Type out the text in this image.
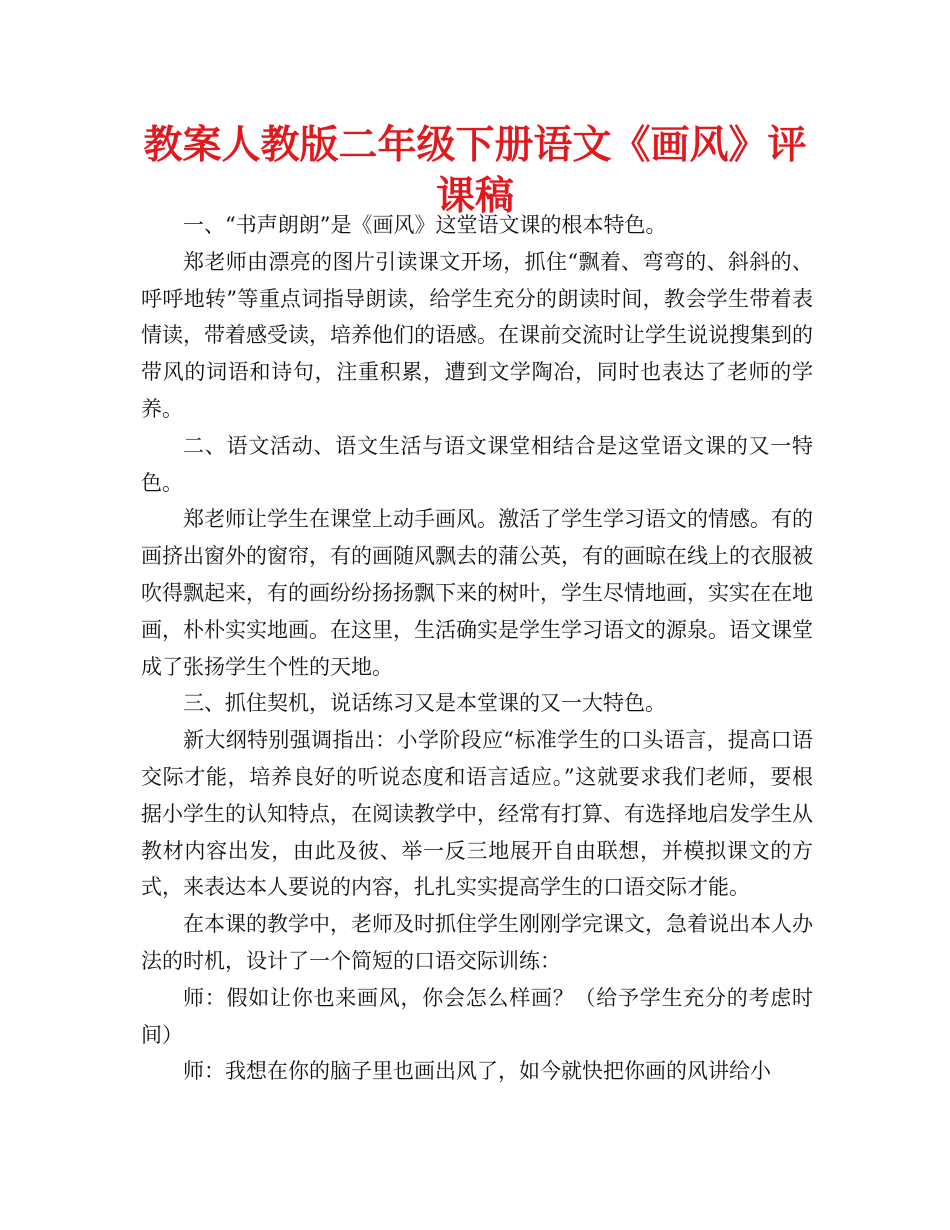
教案人教版二年级下册语文《画风》评课稿

一、“书声朗朗”是《画风》这堂语文课的根本特色。

郑老师由漂亮的图片引读课文开场，抓住“飘着、弯弯的、斜斜的、呼呼地转”等重点词指导朗读，给学生充分的朗读时间，教会学生带着表情读，带着感受读，培养他们的语感。在课前交流时让学生说说搜集到的带风的词语和诗句，注重积累，遭到文学陶冶，同时也表达了老师的学养。

二、语文活动、语文生活与语文课堂相结合是这堂语文课的又一特色。

郑老师让学生在课堂上动手画风。激活了学生学习语文的情感。有的画挤出窗外的窗帘，有的画随风飘去的蒲公英，有的画晾在线上的衣服被吹得飘起来，有的画纷纷扬扬飘下来的树叶，学生尽情地画，实实在在地画，朴朴实实地画。在这里，生活确实是学生学习语文的源泉。语文课堂成了张扬学生个性的天地。

三、抓住契机，说话练习又是本堂课的又一大特色。

新大纲特别强调指出：小学阶段应“标准学生的口头语言，提高口语交际才能，培养良好的听说态度和语言适应。”这就要求我们老师，要根据小学生的认知特点，在阅读教学中，经常有打算、有选择地启发学生从教材内容出发，由此及彼、举一反三地展开自由联想，并模拟课文的方式，来表达本人要说的内容，扎扎实实提高学生的口语交际才能。

在本课的教学中，老师及时抓住学生刚刚学完课文，急着说出本人办法的时机，设计了一个简短的口语交际训练：

师：假如让你也来画风，你会怎么样画？（给予学生充分的考虑时间）

师：我想在你的脑子里也画出风了，如今就快把你画的风讲给小
